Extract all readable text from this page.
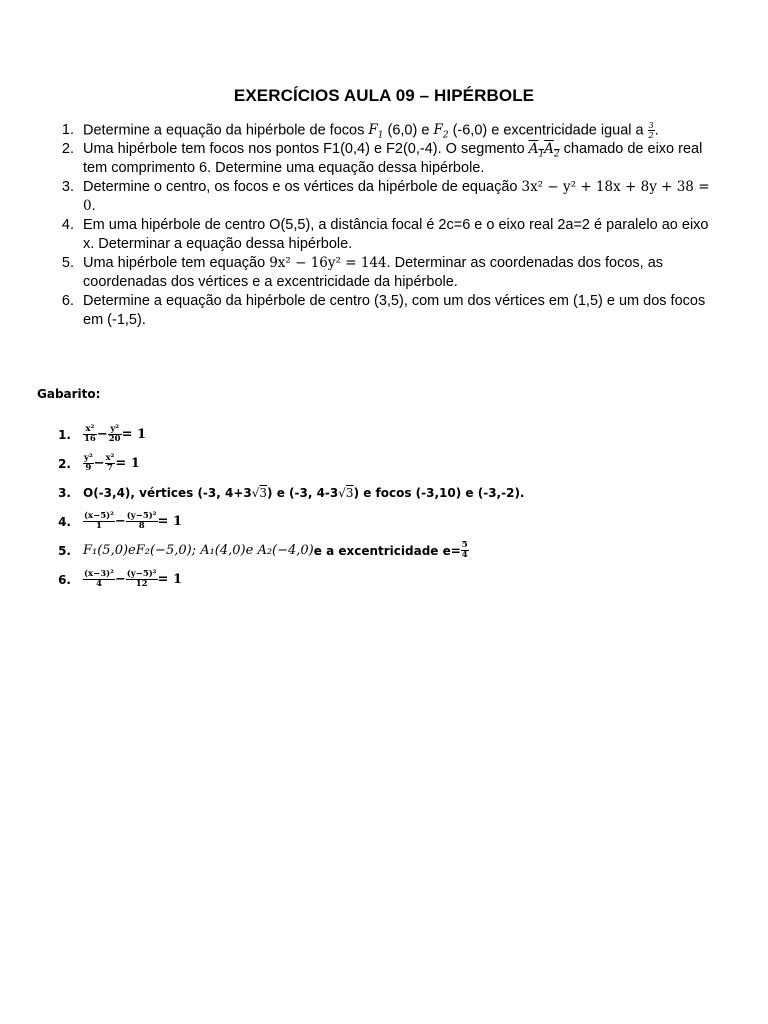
EXERCÍCIOS AULA 09 – HIPÉRBOLE
1. Determine a equação da hipérbole de focos $F_1$ (6,0) e $F_2$ (-6,0) e excentricidade igual a $\frac{3}{2}$ .
2. Uma hipérbole tem focos nos pontos F1(0,4) e F2(0,-4). O segmento $A_1A_2$ chamado de eixo real tem comprimento 6. Determine uma equação dessa hipérbole.
3. Determine o centro, os focos e os vértices da hipérbole de equação 3x² − y² + 18x + 8y + 38 = 0.
4. Em uma hipérbole de centro O(5,5), a distância focal é 2c=6 e o eixo real 2a=2 é paralelo ao eixo x. Determinar a equação dessa hipérbole.
5. Uma hipérbole tem equação 9x² − 16y² = 144. Determinar as coordenadas dos focos, as coordenadas dos vértices e a excentricidade da hipérbole.
6. Determine a equação da hipérbole de centro (3,5), com um dos vértices em (1,5) e um dos focos em (-1,5).

Gabarito:

1. $\frac{\text{x²}}{16} - \frac{\text{y²}}{20} = 1$
2. $\frac{\text{y²}}{9} - \frac{\text{x²}}{7} = 1$
3. O(-3,4), vértices (-3, 4+3√3) e (-3, 4-3√3) e focos (-3,10) e (-3,-2).
4. $\frac{\text{(x−5)²}}{1} - \frac{\text{(y−5)²}}{8} = 1$
5. F₁(5,0)eF₂(−5,0); A₁(4,0)e A₂(−4,0) e a excentricidade $e= \frac{5}{4}$
6. $\frac{\text{(x−3)²}}{4} - \frac{\text{(y−5)²}}{12} = 1$
